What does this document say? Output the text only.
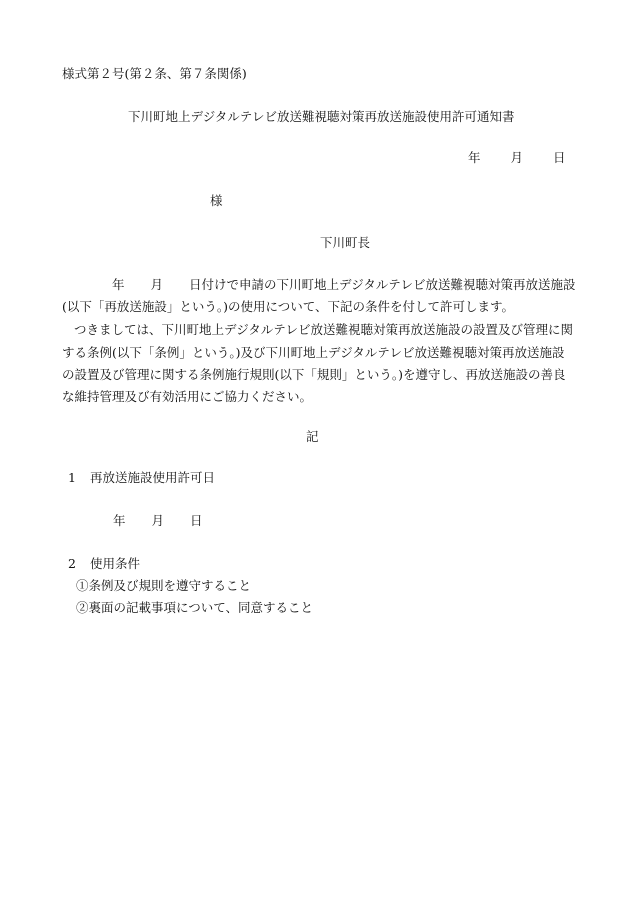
様式第２号(第２条、第７条関係)
下川町地上デジタルテレビ放送難視聴対策再放送施設使用許可通知書
年 月 日
様
下川町長
年 月 日付けで申請の下川町地上デジタルテレビ放送難視聴対策再放送施設
(以下「再放送施設」という。)の使用について、下記の条件を付して許可します。
つきましては、下川町地上デジタルテレビ放送難視聴対策再放送施設の設置及び管理に関
する条例(以下「条例」という。)及び下川町地上デジタルテレビ放送難視聴対策再放送施設
の設置及び管理に関する条例施行規則(以下「規則」という。)を遵守し、再放送施設の善良
な維持管理及び有効活用にご協力ください。
記
1 再放送施設使用許可日
年 月 日
2 使用条件
①条例及び規則を遵守すること
②裏面の記載事項について、同意すること
